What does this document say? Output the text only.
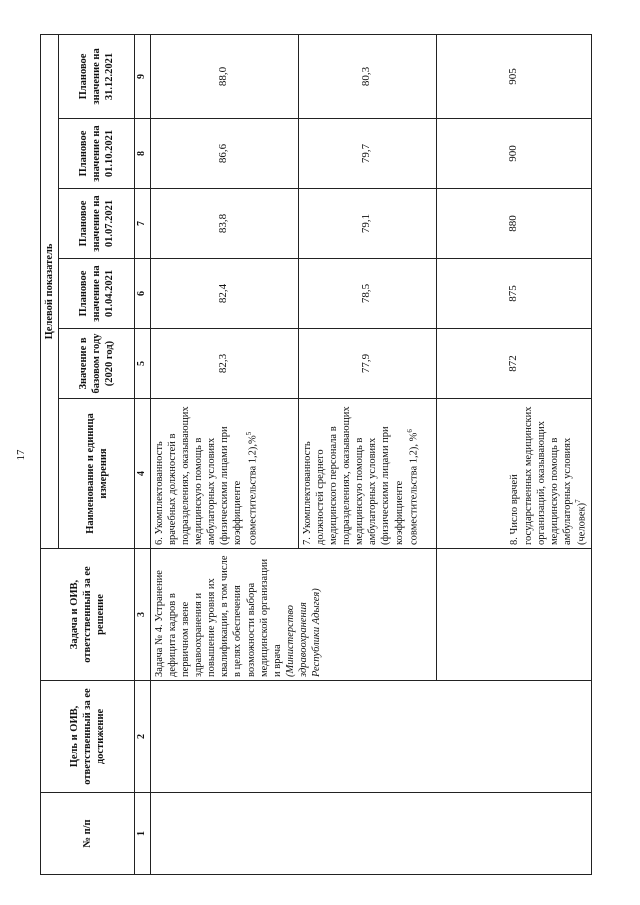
17
№ п/п	Цель и ОИВ, ответственный за ее достижение	Задача и ОИВ, ответственный за ее решение	Целевой показатель					
			Наименование и единица измерения	Значение в базовом году (2020 год)	Плановое значение на 01.04.2021	Плановое значение на 01.07.2021	Плановое значение на 01.10.2021	Плановое значение на 31.12.2021
1	2	3	4	5	6	7	8	9

		Задача № 4. Устранение дефицита кадров в первичном звене здравоохранения и повышение уровня их квалификации, в том числе в целях обеспечения возможности выбора медицинской организации и врача (Министерство здравоохранения Республики Адыгея)	6. Укомплектованность врачебных должностей в подразделениях, оказывающих медицинскую помощь в амбулаторных условиях (физическими лицами при коэффициенте совместительства 1,2),%$^5$	82,3	82,4	83,8	86,6	88,0
			7. Укомплектованность должностей среднего медицинского персонала в подразделениях, оказывающих медицинскую помощь в амбулаторных условиях (физическими лицами при коэффициенте совместительства 1,2), %$^6$	77,9	78,5	79,1	79,7	80,3
			8. Число врачей государственных медицинских организаций, оказывающих медицинскую помощь в амбулаторных условиях (человек)$^7$	872	875	880	900	905
